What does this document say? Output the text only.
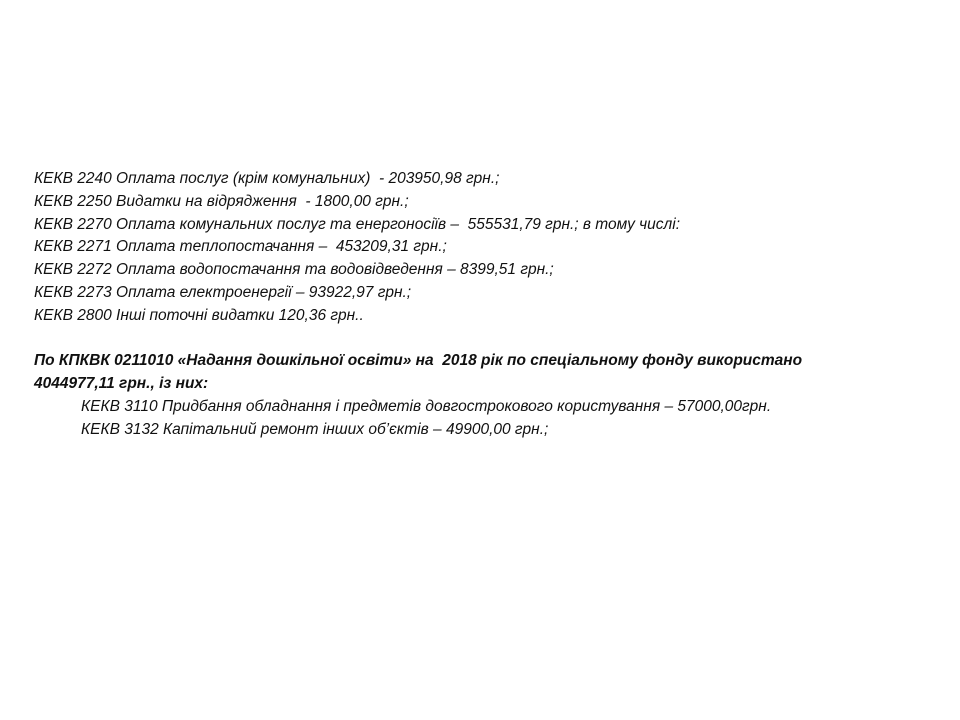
КЕКВ 2240 Оплата послуг (крім комунальних)  - 203950,98 грн.;

КЕКВ 2250 Видатки на відрядження  - 1800,00 грн.;

КЕКВ 2270 Оплата комунальних послуг та енергоносіїв –  555531,79 грн.; в тому числі:

КЕКВ 2271 Оплата теплопостачання –  453209,31 грн.;

КЕКВ 2272 Оплата водопостачання та водовідведення – 8399,51 грн.;

КЕКВ 2273 Оплата електроенергії – 93922,97 грн.;

КЕКВ 2800 Інші поточні видатки 120,36 грн..

По КПКВК 0211010 «Надання дошкільної освіти» на  2018 рік по спеціальному фонду використано

4044977,11 грн., із них:

КЕКВ 3110 Придбання обладнання і предметів довгострокового користування – 57000,00грн.

КЕКВ 3132 Капітальний ремонт інших об’єктів – 49900,00 грн.;
